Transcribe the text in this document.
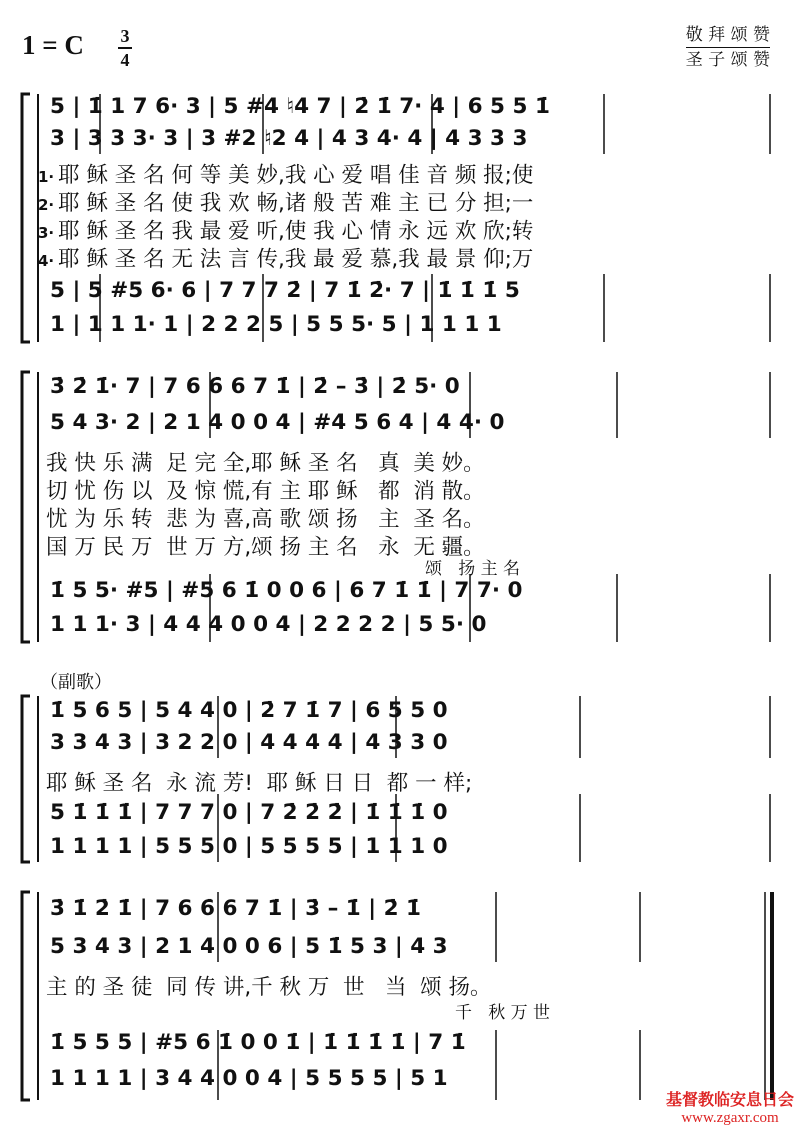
1 = C 3
4
敬 拜 颂 赞
圣 子 颂 赞
5 | 1̇ 1 7 6· 3 | 5 #4 ♮4 7 | 2̇ 1̇ 7· 4 | 6 5 5 1̇
3 | 3 3 3· 3 | 3 #2 ♮2 4 | 4 3 4· 4 | 4 3 3 3
1· 耶 稣 圣 名 何 等 美 妙,我 心 爱 唱 佳 音 频 报;使
2· 耶 稣 圣 名 使 我 欢 畅,诸 般 苦 难 主 已 分 担;一
3· 耶 稣 圣 名 我 最 爱 听,使 我 心 情 永 远 欢 欣;转
4· 耶 稣 圣 名 无 法 言 传,我 最 爱 慕,我 最 景 仰;万
5 | 5 #5 6· 6 | 7 7 7 2̇ | 7 1̇ 2̇· 7 | 1̇ 1̇ 1̇ 5
1 | 1 1 1· 1 | 2 2 2 5 | 5 5 5· 5 | 1 1 1 1
3̇ 2̇ 1̇· 7 | 7 6 6̇ 6 7 1̇ | 2̇ – 3̇ | 2̇ 5· 0
5 4 3· 2 | 2 1 4 0 0 4 | #4 5 6 4 | 4 4· 0
我 快 乐 满  足 完 全,耶 稣 圣 名   真  美 妙。
切 忧 伤 以  及 惊 慌,有 主 耶 稣   都  消 散。
忧 为 乐 转  悲 为 喜,高 歌 颂 扬   主  圣 名。
国 万 民 万  世 万 方,颂 扬 主 名   永  无 疆。
颂   扬 主 名
1̇ 5 5· #5 | #5 6 1̇ 0 0 6 | 6 7 1̇ 1̇ | 7 7· 0
1 1 1· 3 | 4 4 4 0 0 4 | 2 2 2 2 | 5 5· 0
（副歌）
1̇ 5 6 5 | 5 4 4 0 | 2̇ 7 1̇ 7 | 6 5 5 0
3 3 4 3 | 3 2 2 0 | 4 4 4 4 | 4 3 3 0
耶 稣 圣 名  永 流 芳!  耶 稣 日 日  都 一 样;
5 1̇ 1̇ 1̇ | 7 7 7 0 | 7 2̇ 2̇ 2̇ | 1̇ 1̇ 1̇ 0
1 1 1 1 | 5 5 5 0 | 5 5 5 5 | 1 1 1 0
3̇ 1̇ 2̇ 1̇ | 7 6 6̇ 6 7 1̇ | 3̇ – 1̇ | 2̇ 1̇
5 3 4 3 | 2 1 4 0 0 6 | 5 1̇ 5 3 | 4 3
主 的 圣 徒  同 传 讲,千 秋 万  世   当  颂 扬。
千   秋 万 世
1̇ 5 5 5 | #5 6 1̇ 0 0 1̇ | 1̇ 1̇ 1̇ 1̇ | 7 1̇
1 1 1 1 | 3 4 4 0 0 4 | 5 5 5 5 | 5 1
基督教临安息日会
www.zgaxr.com
